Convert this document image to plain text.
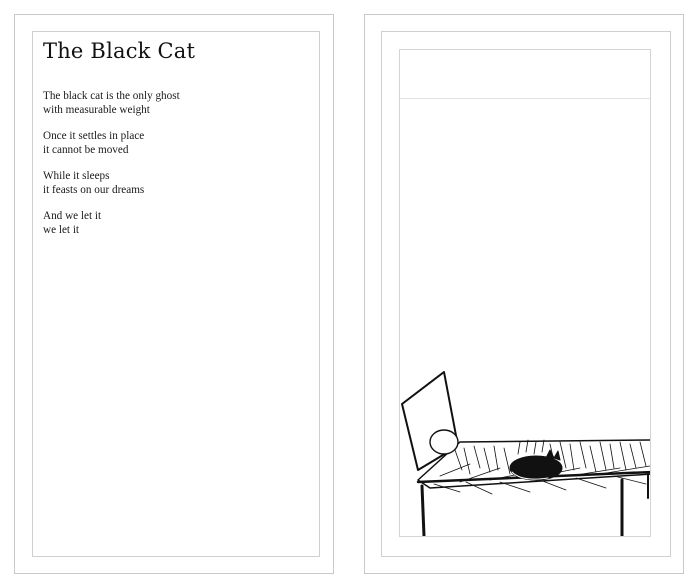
The Black Cat

The black cat is the only ghost
with measurable weight

Once it settles in place
it cannot be moved

While it sleeps
it feasts on our dreams

And we let it
we let it
